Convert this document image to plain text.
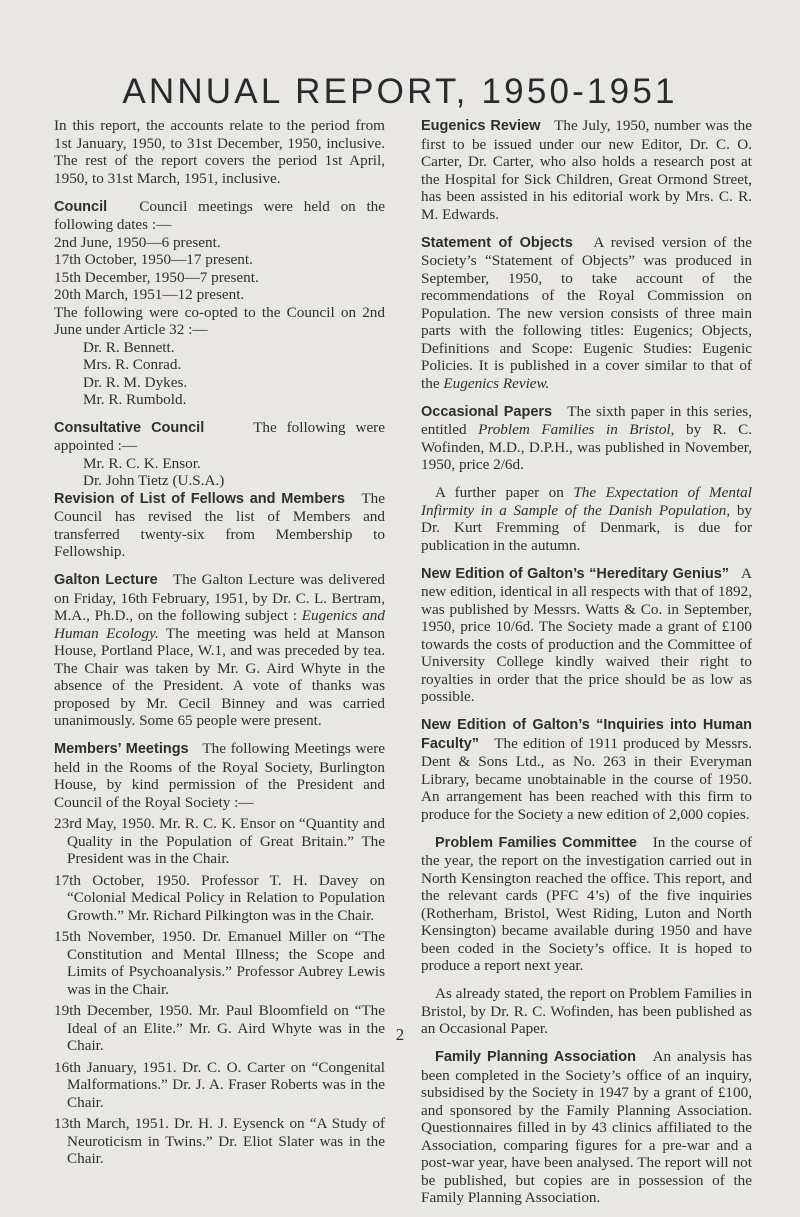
ANNUAL REPORT, 1950-1951

In this report, the accounts relate to the period from 1st January, 1950, to 31st December, 1950, inclusive. The rest of the report covers the period 1st April, 1950, to 31st March, 1951, inclusive.

Council Council meetings were held on the following dates :—

2nd June, 1950—6 present.
17th October, 1950—17 present.
15th December, 1950—7 present.
20th March, 1951—12 present.

The following were co-opted to the Council on 2nd June under Article 32 :—

Dr. R. Bennett.
Mrs. R. Conrad.
Dr. R. M. Dykes.
Mr. R. Rumbold.

Consultative Council	The following were appointed :—

Mr. R. C. K. Ensor.
Dr. John Tietz (U.S.A.)

Revision of List of Fellows and Members The Council has revised the list of Members and transferred twenty-six from Membership to Fellowship.

Galton Lecture The Galton Lecture was delivered on Friday, 16th February, 1951, by Dr. C. L. Bertram, M.A., Ph.D., on the following subject : Eugenics and Human Ecology. The meeting was held at Manson House, Portland Place, W.1, and was preceded by tea. The Chair was taken by Mr. G. Aird Whyte in the absence of the President. A vote of thanks was proposed by Mr. Cecil Binney and was carried unanimously. Some 65 people were present.

Members’ Meetings The following Meetings were held in the Rooms of the Royal Society, Burlington House, by kind permission of the President and Council of the Royal Society :—

23rd May, 1950. Mr. R. C. K. Ensor on “Quantity and Quality in the Population of Great Britain.” The President was in the Chair.
17th October, 1950. Professor T. H. Davey on “Colonial Medical Policy in Relation to Population Growth.” Mr. Richard Pilkington was in the Chair.
15th November, 1950. Dr. Emanuel Miller on “The Constitution and Mental Illness; the Scope and Limits of Psychoanalysis.” Professor Aubrey Lewis was in the Chair.
19th December, 1950. Mr. Paul Bloomfield on “The Ideal of an Elite.” Mr. G. Aird Whyte was in the Chair.
16th January, 1951. Dr. C. O. Carter on “Congenital Malformations.” Dr. J. A. Fraser Roberts was in the Chair.
13th March, 1951. Dr. H. J. Eysenck on “A Study of Neuroticism in Twins.” Dr. Eliot Slater was in the Chair.

Eugenics Review The July, 1950, number was the first to be issued under our new Editor, Dr. C. O. Carter, Dr. Carter, who also holds a research post at the Hospital for Sick Children, Great Ormond Street, has been assisted in his editorial work by Mrs. C. R. M. Edwards.

Statement of Objects A revised version of the Society’s “Statement of Objects” was produced in September, 1950, to take account of the recommendations of the Royal Commission on Population. The new version consists of three main parts with the following titles: Eugenics; Objects, Definitions and Scope: Eugenic Studies: Eugenic Policies. It is published in a cover similar to that of the Eugenics Review.

Occasional Papers The sixth paper in this series, entitled Problem Families in Bristol, by R. C. Wofinden, M.D., D.P.H., was published in November, 1950, price 2/6d.

A further paper on The Expectation of Mental Infirmity in a Sample of the Danish Population, by Dr. Kurt Fremming of Denmark, is due for publication in the autumn.

New Edition of Galton’s “Hereditary Genius” A new edition, identical in all respects with that of 1892, was published by Messrs. Watts & Co. in September, 1950, price 10/6d. The Society made a grant of £100 towards the costs of production and the Committee of University College kindly waived their right to royalties in order that the price should be as low as possible.

New Edition of Galton’s “Inquiries into Human Faculty” The edition of 1911 produced by Messrs. Dent & Sons Ltd., as No. 263 in their Everyman Library, became unobtainable in the course of 1950. An arrangement has been reached with this firm to produce for the Society a new edition of 2,000 copies.

Problem Families Committee In the course of the year, the report on the investigation carried out in North Kensington reached the office. This report, and the relevant cards (PFC 4’s) of the five inquiries (Rotherham, Bristol, West Riding, Luton and North Kensington) became available during 1950 and have been coded in the Society’s office. It is hoped to produce a report next year.

As already stated, the report on Problem Families in Bristol, by Dr. R. C. Wofinden, has been published as an Occasional Paper.

Family Planning Association An analysis has been completed in the Society’s office of an inquiry, subsidised by the Society in 1947 by a grant of £100, and sponsored by the Family Planning Association. Questionnaires filled in by 43 clinics affiliated to the Association, comparing figures for a pre-war and a post-war year, have been analysed. The report will not be published, but copies are in possession of the Family Planning Association.

2
